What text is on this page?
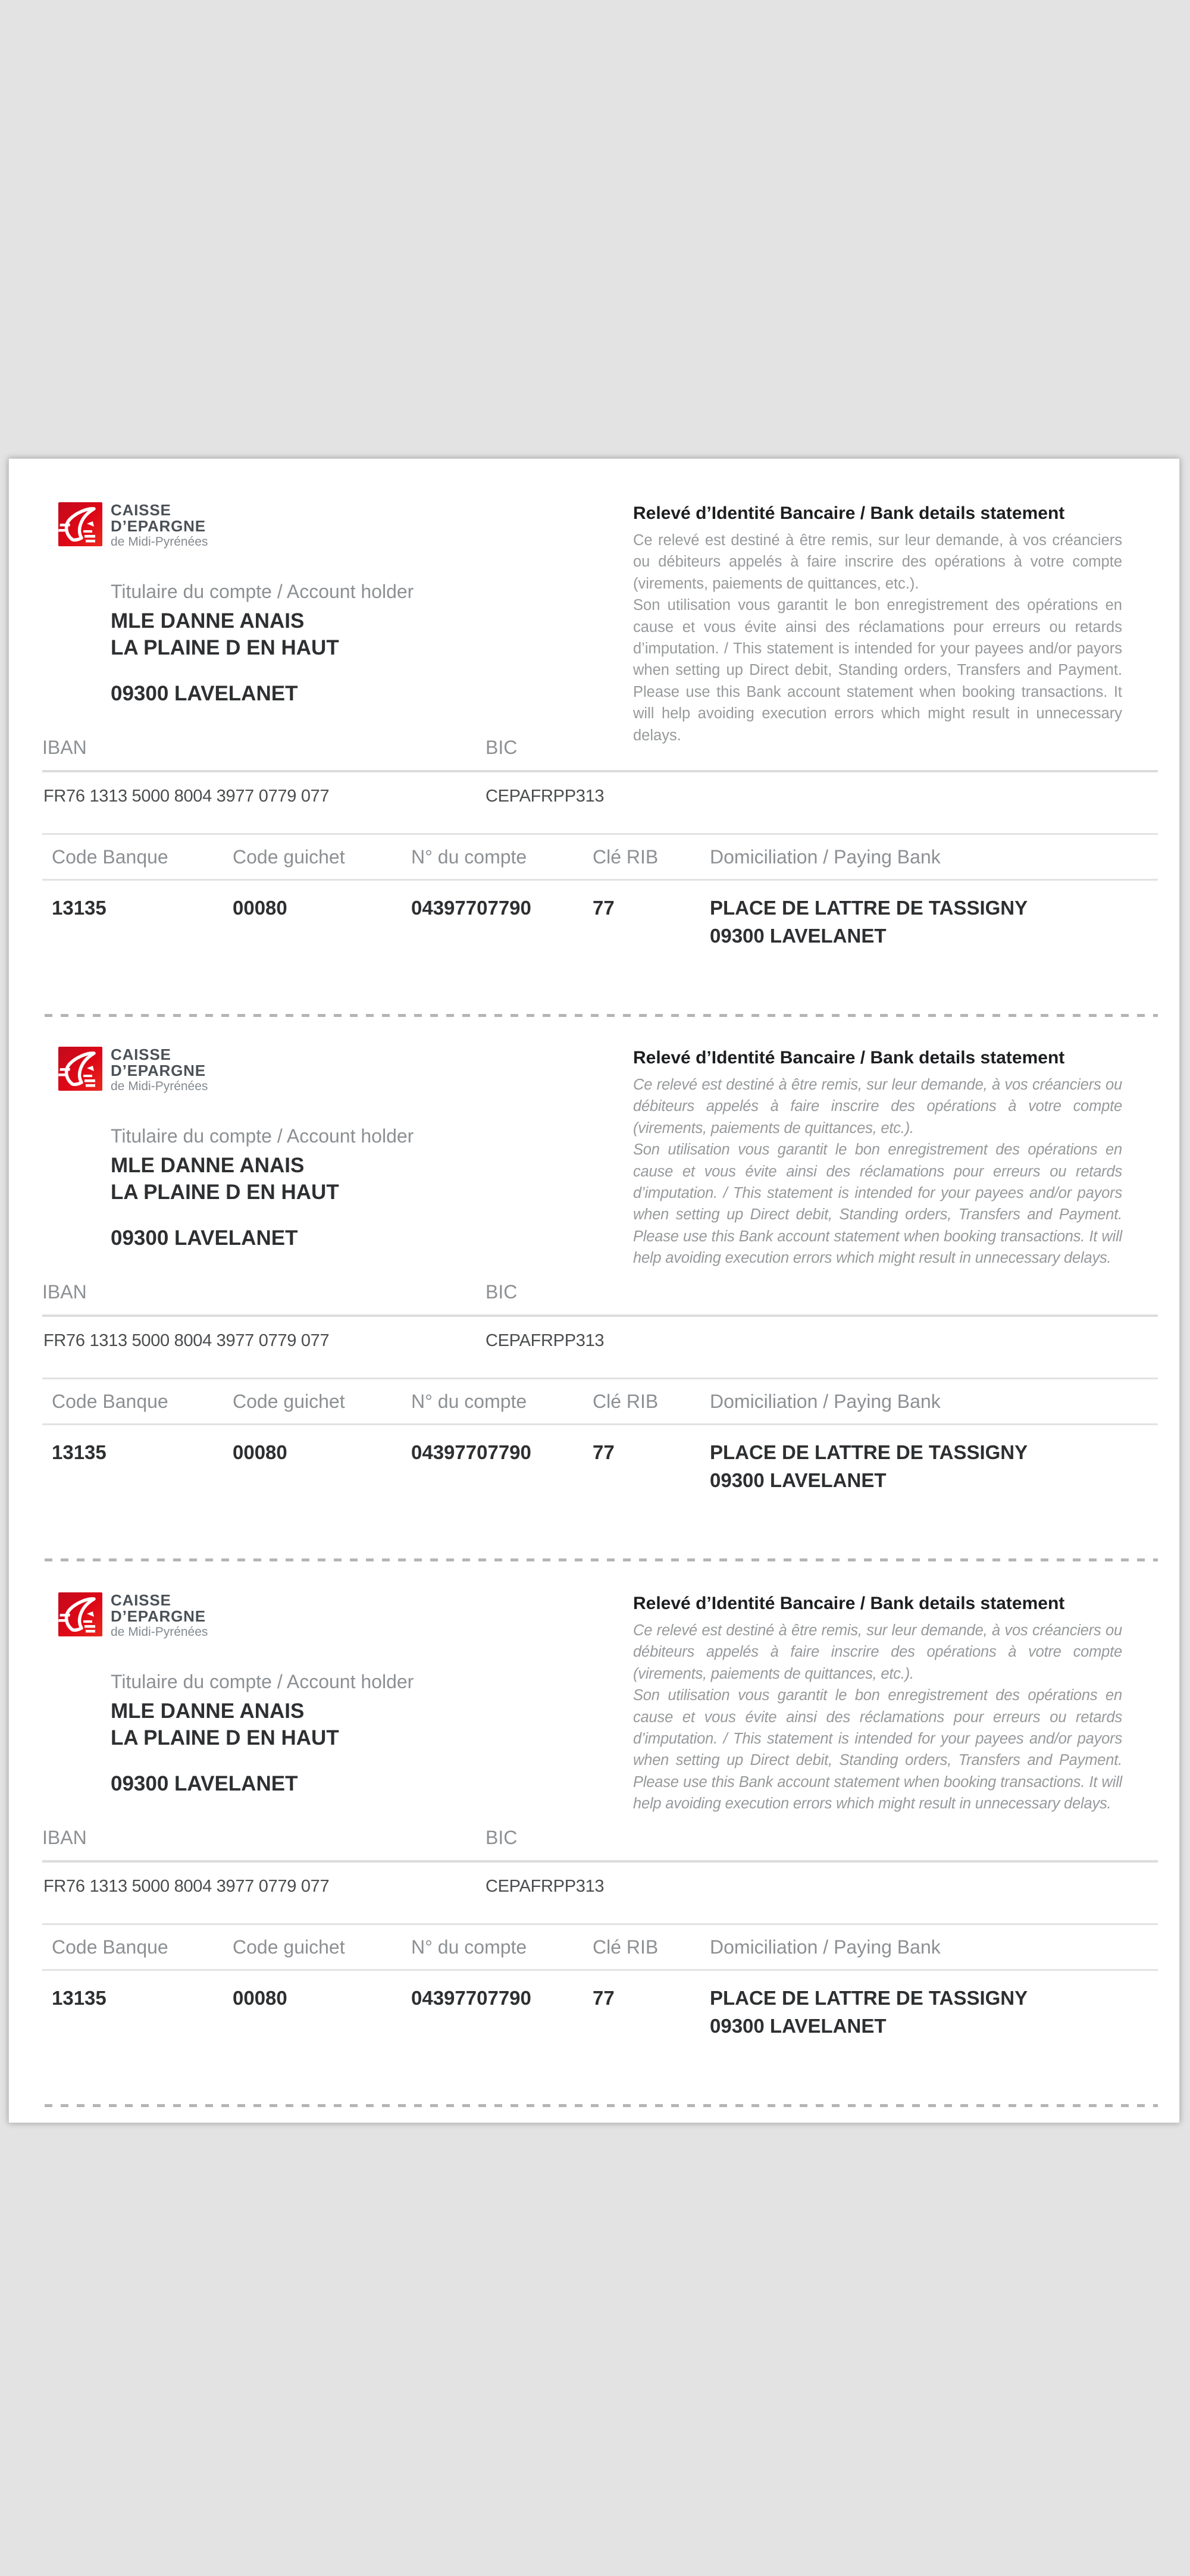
CAISSE
D’EPARGNE
de Midi-Pyrénées
Relevé d’Identité Bancaire / Bank details statement

Ce relevé est destiné à être remis, sur leur demande, à vos créanciers ou débiteurs appelés à faire inscrire des opérations à votre compte (virements, paiements de quittances, etc.).

Son utilisation vous garantit le bon enregistrement des opérations en cause et vous évite ainsi des réclamations pour erreurs ou retards d’imputation. / This statement is intended for your payees and/or payors when setting up Direct debit, Standing orders, Transfers and Payment. Please use this Bank account statement when booking transactions. It will help avoiding execution errors which might result in unnecessary delays.

Titulaire du compte / Account holder
MLE DANNE ANAIS
LA PLAINE D EN HAUT
09300 LAVELANET
IBAN	BIC
FR76 1313 5000 8004 3977 0779 077	CEPAFRPP313
Code Banque	Code guichet	N° du compte	Clé RIB	Domiciliation / Paying Bank
13135	00080	04397707790	77	PLACE DE LATTRE DE TASSIGNY
09300 LAVELANET
CAISSE
D’EPARGNE
de Midi-Pyrénées
Relevé d’Identité Bancaire / Bank details statement

Ce relevé est destiné à être remis, sur leur demande, à vos créanciers ou débiteurs appelés à faire inscrire des opérations à votre compte (virements, paiements de quittances, etc.).

Son utilisation vous garantit le bon enregistrement des opérations en cause et vous évite ainsi des réclamations pour erreurs ou retards d’imputation. / This statement is intended for your payees and/or payors when setting up Direct debit, Standing orders, Transfers and Payment. Please use this Bank account statement when booking transactions. It will help avoiding execution errors which might result in unnecessary delays.

Titulaire du compte / Account holder
MLE DANNE ANAIS
LA PLAINE D EN HAUT
09300 LAVELANET
IBAN	BIC
FR76 1313 5000 8004 3977 0779 077	CEPAFRPP313
Code Banque	Code guichet	N° du compte	Clé RIB	Domiciliation / Paying Bank
13135	00080	04397707790	77	PLACE DE LATTRE DE TASSIGNY
09300 LAVELANET
CAISSE
D’EPARGNE
de Midi-Pyrénées
Relevé d’Identité Bancaire / Bank details statement

Ce relevé est destiné à être remis, sur leur demande, à vos créanciers ou débiteurs appelés à faire inscrire des opérations à votre compte (virements, paiements de quittances, etc.).

Son utilisation vous garantit le bon enregistrement des opérations en cause et vous évite ainsi des réclamations pour erreurs ou retards d’imputation. / This statement is intended for your payees and/or payors when setting up Direct debit, Standing orders, Transfers and Payment. Please use this Bank account statement when booking transactions. It will help avoiding execution errors which might result in unnecessary delays.

Titulaire du compte / Account holder
MLE DANNE ANAIS
LA PLAINE D EN HAUT
09300 LAVELANET
IBAN	BIC
FR76 1313 5000 8004 3977 0779 077	CEPAFRPP313
Code Banque	Code guichet	N° du compte	Clé RIB	Domiciliation / Paying Bank
13135	00080	04397707790	77	PLACE DE LATTRE DE TASSIGNY
09300 LAVELANET
